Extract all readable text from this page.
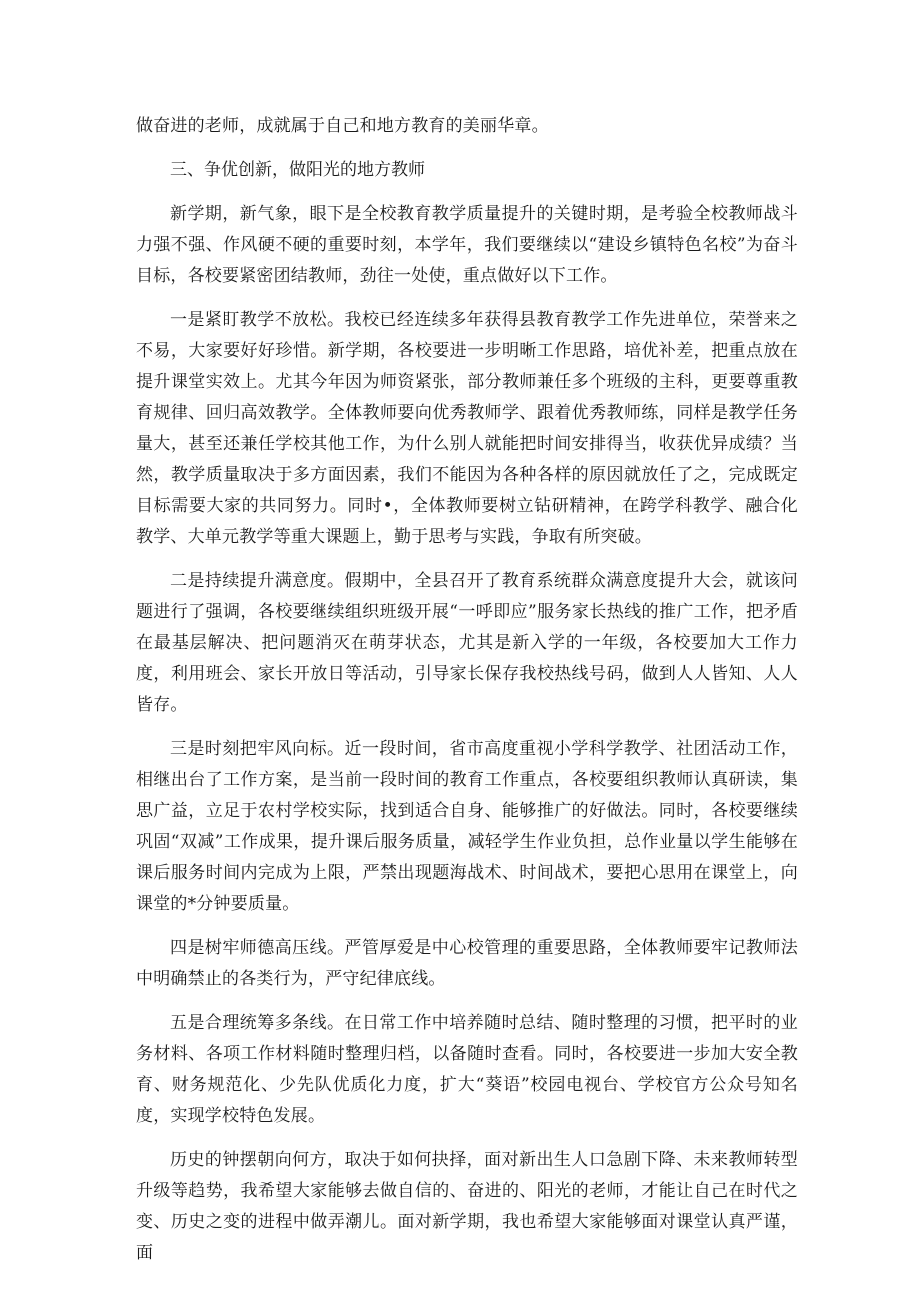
做奋进的老师，成就属于自己和地方教育的美丽华章。

三、争优创新，做阳光的地方教师

新学期，新气象，眼下是全校教育教学质量提升的关键时期，是考验全校教师战斗力强不强、作风硬不硬的重要时刻，本学年，我们要继续以“建设乡镇特色名校”为奋斗目标，各校要紧密团结教师，劲往一处使，重点做好以下工作。

一是紧盯教学不放松。我校已经连续多年获得县教育教学工作先进单位，荣誉来之不易，大家要好好珍惜。新学期，各校要进一步明晰工作思路，培优补差，把重点放在提升课堂实效上。尤其今年因为师资紧张，部分教师兼任多个班级的主科，更要尊重教育规律、回归高效教学。全体教师要向优秀教师学、跟着优秀教师练，同样是教学任务量大，甚至还兼任学校其他工作，为什么别人就能把时间安排得当，收获优异成绩？当然，教学质量取决于多方面因素，我们不能因为各种各样的原因就放任了之，完成既定目标需要大家的共同努力。同时•，全体教师要树立钻研精神，在跨学科教学、融合化教学、大单元教学等重大课题上，勤于思考与实践，争取有所突破。

二是持续提升满意度。假期中，全县召开了教育系统群众满意度提升大会，就该问题进行了强调，各校要继续组织班级开展“一呼即应”服务家长热线的推广工作，把矛盾在最基层解决、把问题消灭在萌芽状态，尤其是新入学的一年级，各校要加大工作力度，利用班会、家长开放日等活动，引导家长保存我校热线号码，做到人人皆知、人人皆存。

三是时刻把牢风向标。近一段时间，省市高度重视小学科学教学、社团活动工作，相继出台了工作方案，是当前一段时间的教育工作重点，各校要组织教师认真研读，集思广益，立足于农村学校实际，找到适合自身、能够推广的好做法。同时，各校要继续巩固“双减”工作成果，提升课后服务质量，减轻学生作业负担，总作业量以学生能够在课后服务时间内完成为上限，严禁出现题海战术、时间战术，要把心思用在课堂上，向课堂的*分钟要质量。

四是树牢师德高压线。严管厚爱是中心校管理的重要思路，全体教师要牢记教师法中明确禁止的各类行为，严守纪律底线。

五是合理统筹多条线。在日常工作中培养随时总结、随时整理的习惯，把平时的业务材料、各项工作材料随时整理归档，以备随时查看。同时，各校要进一步加大安全教育、财务规范化、少先队优质化力度，扩大“葵语”校园电视台、学校官方公众号知名度，实现学校特色发展。

历史的钟摆朝向何方，取决于如何抉择，面对新出生人口急剧下降、未来教师转型升级等趋势，我希望大家能够去做自信的、奋进的、阳光的老师，才能让自己在时代之变、历史之变的进程中做弄潮儿。面对新学期，我也希望大家能够面对课堂认真严谨，面
